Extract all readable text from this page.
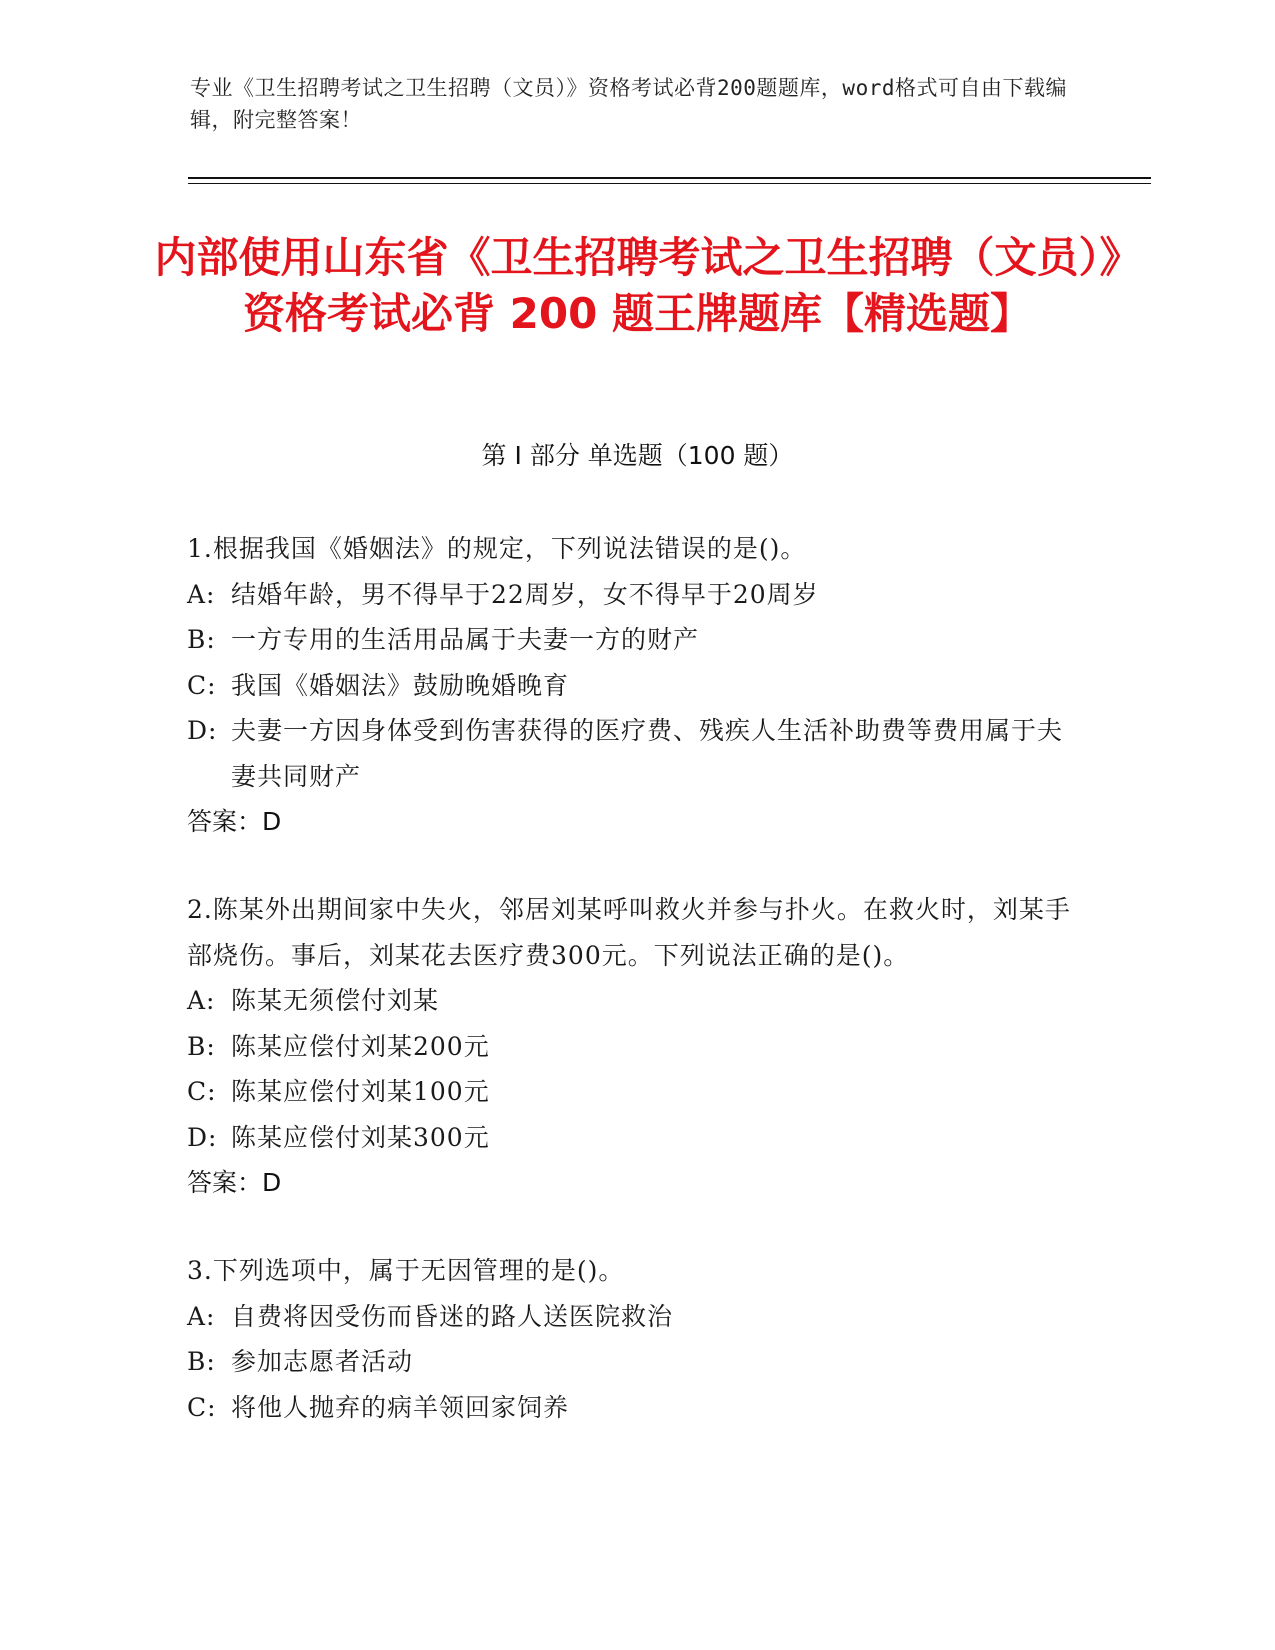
专业《卫生招聘考试之卫生招聘（文员）》资格考试必背200题题库，word格式可自由下载编辑，附完整答案！
内部使用山东省《卫生招聘考试之卫生招聘（文员）》资格考试必背 200 题王牌题库【精选题】
第 I 部分 单选题（100 题）
1.根据我国《婚姻法》的规定，下列说法错误的是()。
A: 结婚年龄，男不得早于22周岁，女不得早于20周岁
B: 一方专用的生活用品属于夫妻一方的财产
C: 我国《婚姻法》鼓励晚婚晚育
D: 夫妻一方因身体受到伤害获得的医疗费、残疾人生活补助费等费用属于夫妻共同财产
答案：D
2.陈某外出期间家中失火，邻居刘某呼叫救火并参与扑火。在救火时，刘某手部烧伤。事后，刘某花去医疗费300元。下列说法正确的是()。
A: 陈某无须偿付刘某
B: 陈某应偿付刘某200元
C: 陈某应偿付刘某100元
D: 陈某应偿付刘某300元
答案：D
3.下列选项中，属于无因管理的是()。
A: 自费将因受伤而昏迷的路人送医院救治
B: 参加志愿者活动
C: 将他人抛弃的病羊领回家饲养
